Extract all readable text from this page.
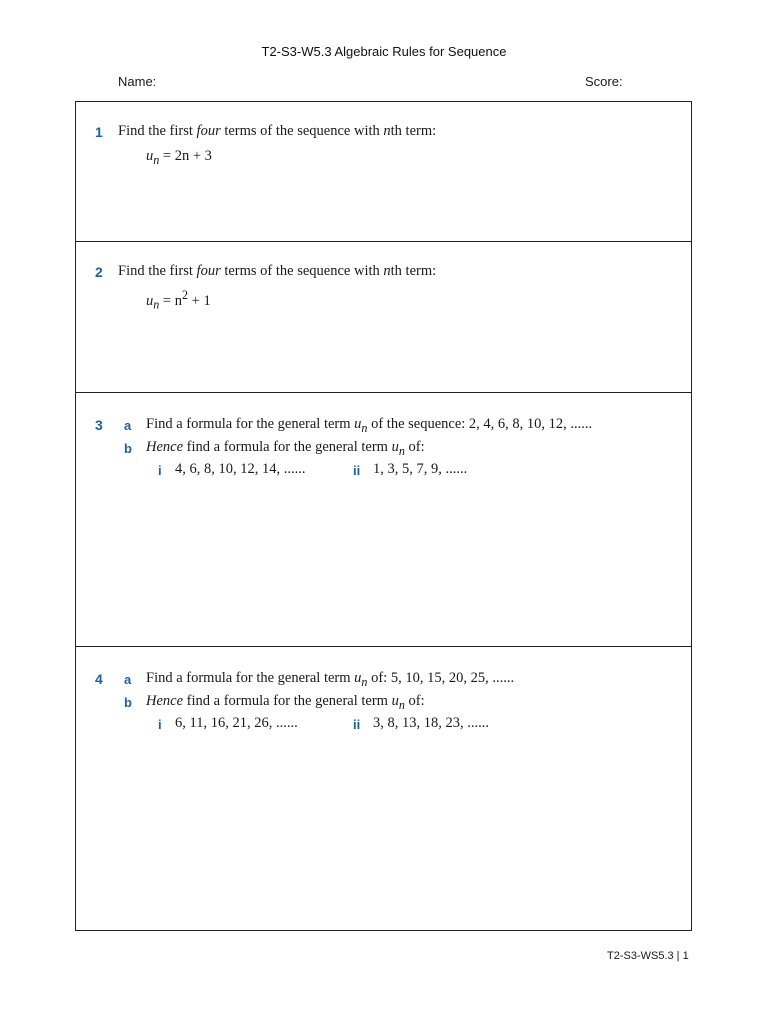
T2-S3-W5.3 Algebraic Rules for Sequence
Name:	Score:
1 Find the first four terms of the sequence with nth term:
$u_n = 2n + 3$
2 Find the first four terms of the sequence with nth term:
$u_n = n^2 + 1$
3 a Find a formula for the general term $u_n$ of the sequence: 2, 4, 6, 8, 10, 12, ......
b Hence find a formula for the general term $u_n$ of:
i 4, 6, 8, 10, 12, 14, ......	ii 1, 3, 5, 7, 9, ......
4 a Find a formula for the general term $u_n$ of: 5, 10, 15, 20, 25, ......
b Hence find a formula for the general term $u_n$ of:
i 6, 11, 16, 21, 26, ......	ii 3, 8, 13, 18, 23, ......
T2-S3-WS5.3 | 1
